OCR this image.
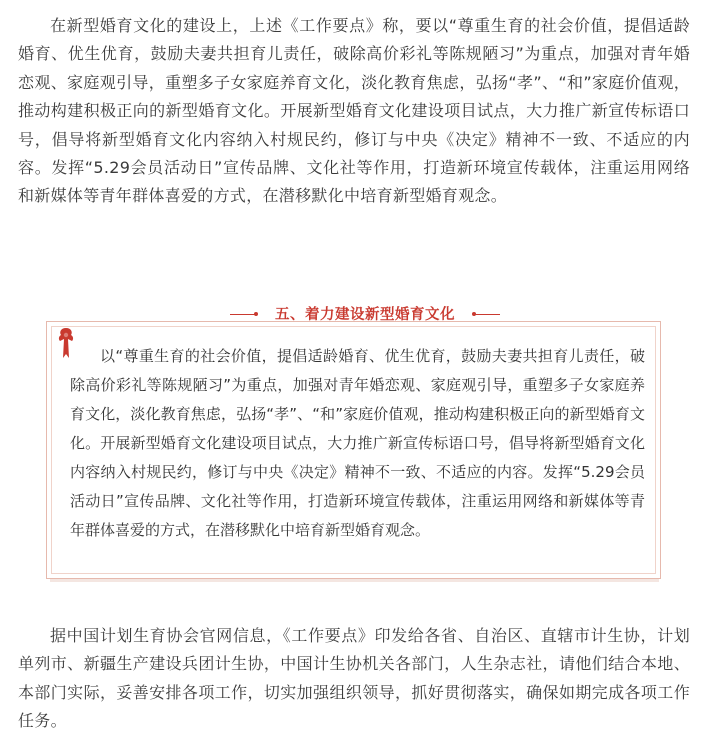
在新型婚育文化的建设上，上述《工作要点》称，要以“尊重生育的社会价值，提倡适龄婚育、优生优育，鼓励夫妻共担育儿责任，破除高价彩礼等陈规陋习”为重点，加强对青年婚恋观、家庭观引导，重塑多子女家庭养育文化，淡化教育焦虑，弘扬“孝”、“和”家庭价值观，推动构建积极正向的新型婚育文化。开展新型婚育文化建设项目试点，大力推广新宣传标语口号，倡导将新型婚育文化内容纳入村规民约，修订与中央《决定》精神不一致、不适应的内容。发挥“5.29会员活动日”宣传品牌、文化社等作用，打造新环境宣传载体，注重运用网络和新媒体等青年群体喜爱的方式，在潜移默化中培育新型婚育观念。

五、着力建设新型婚育文化

以“尊重生育的社会价值，提倡适龄婚育、优生优育，鼓励夫妻共担育儿责任，破除高价彩礼等陈规陋习”为重点，加强对青年婚恋观、家庭观引导，重塑多子女家庭养育文化，淡化教育焦虑，弘扬“孝”、“和”家庭价值观，推动构建积极正向的新型婚育文化。开展新型婚育文化建设项目试点，大力推广新宣传标语口号，倡导将新型婚育文化内容纳入村规民约，修订与中央《决定》精神不一致、不适应的内容。发挥“5.29会员活动日”宣传品牌、文化社等作用，打造新环境宣传载体，注重运用网络和新媒体等青年群体喜爱的方式，在潜移默化中培育新型婚育观念。

据中国计划生育协会官网信息，《工作要点》印发给各省、自治区、直辖市计生协，计划单列市、新疆生产建设兵团计生协，中国计生协机关各部门，人生杂志社，请他们结合本地、本部门实际，妥善安排各项工作，切实加强组织领导，抓好贯彻落实，确保如期完成各项工作任务。
